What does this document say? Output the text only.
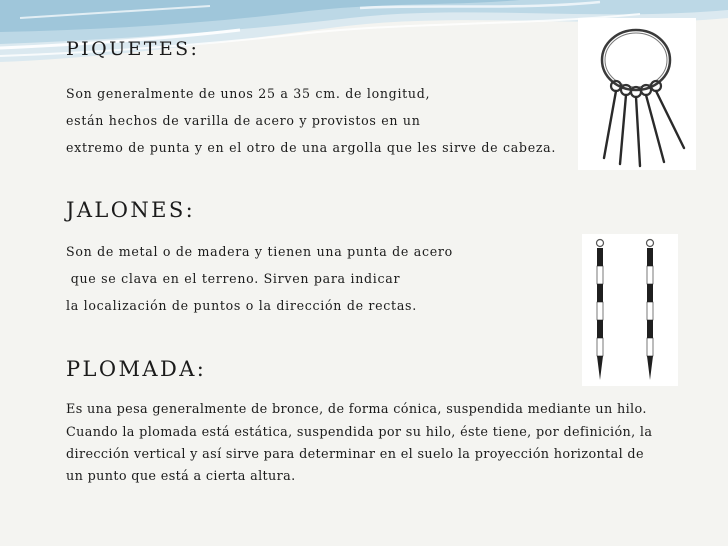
PIQUETES:

Son generalmente de unos 25 a 35 cm. de longitud,

están hechos de varilla de acero y provistos en un

extremo de punta y en el otro de una argolla que les sirve de cabeza.

JALONES:

Son de metal o de madera y tienen una punta de acero

que se clava en el terreno. Sirven para indicar

la localización de puntos o la dirección de rectas.

PLOMADA:

Es una pesa generalmente de bronce, de forma cónica, suspendida mediante un hilo.

Cuando la plomada está estática, suspendida por su hilo, éste tiene, por definición, la

dirección vertical y así sirve para determinar en el suelo la proyección horizontal de

un punto que está a cierta altura.
